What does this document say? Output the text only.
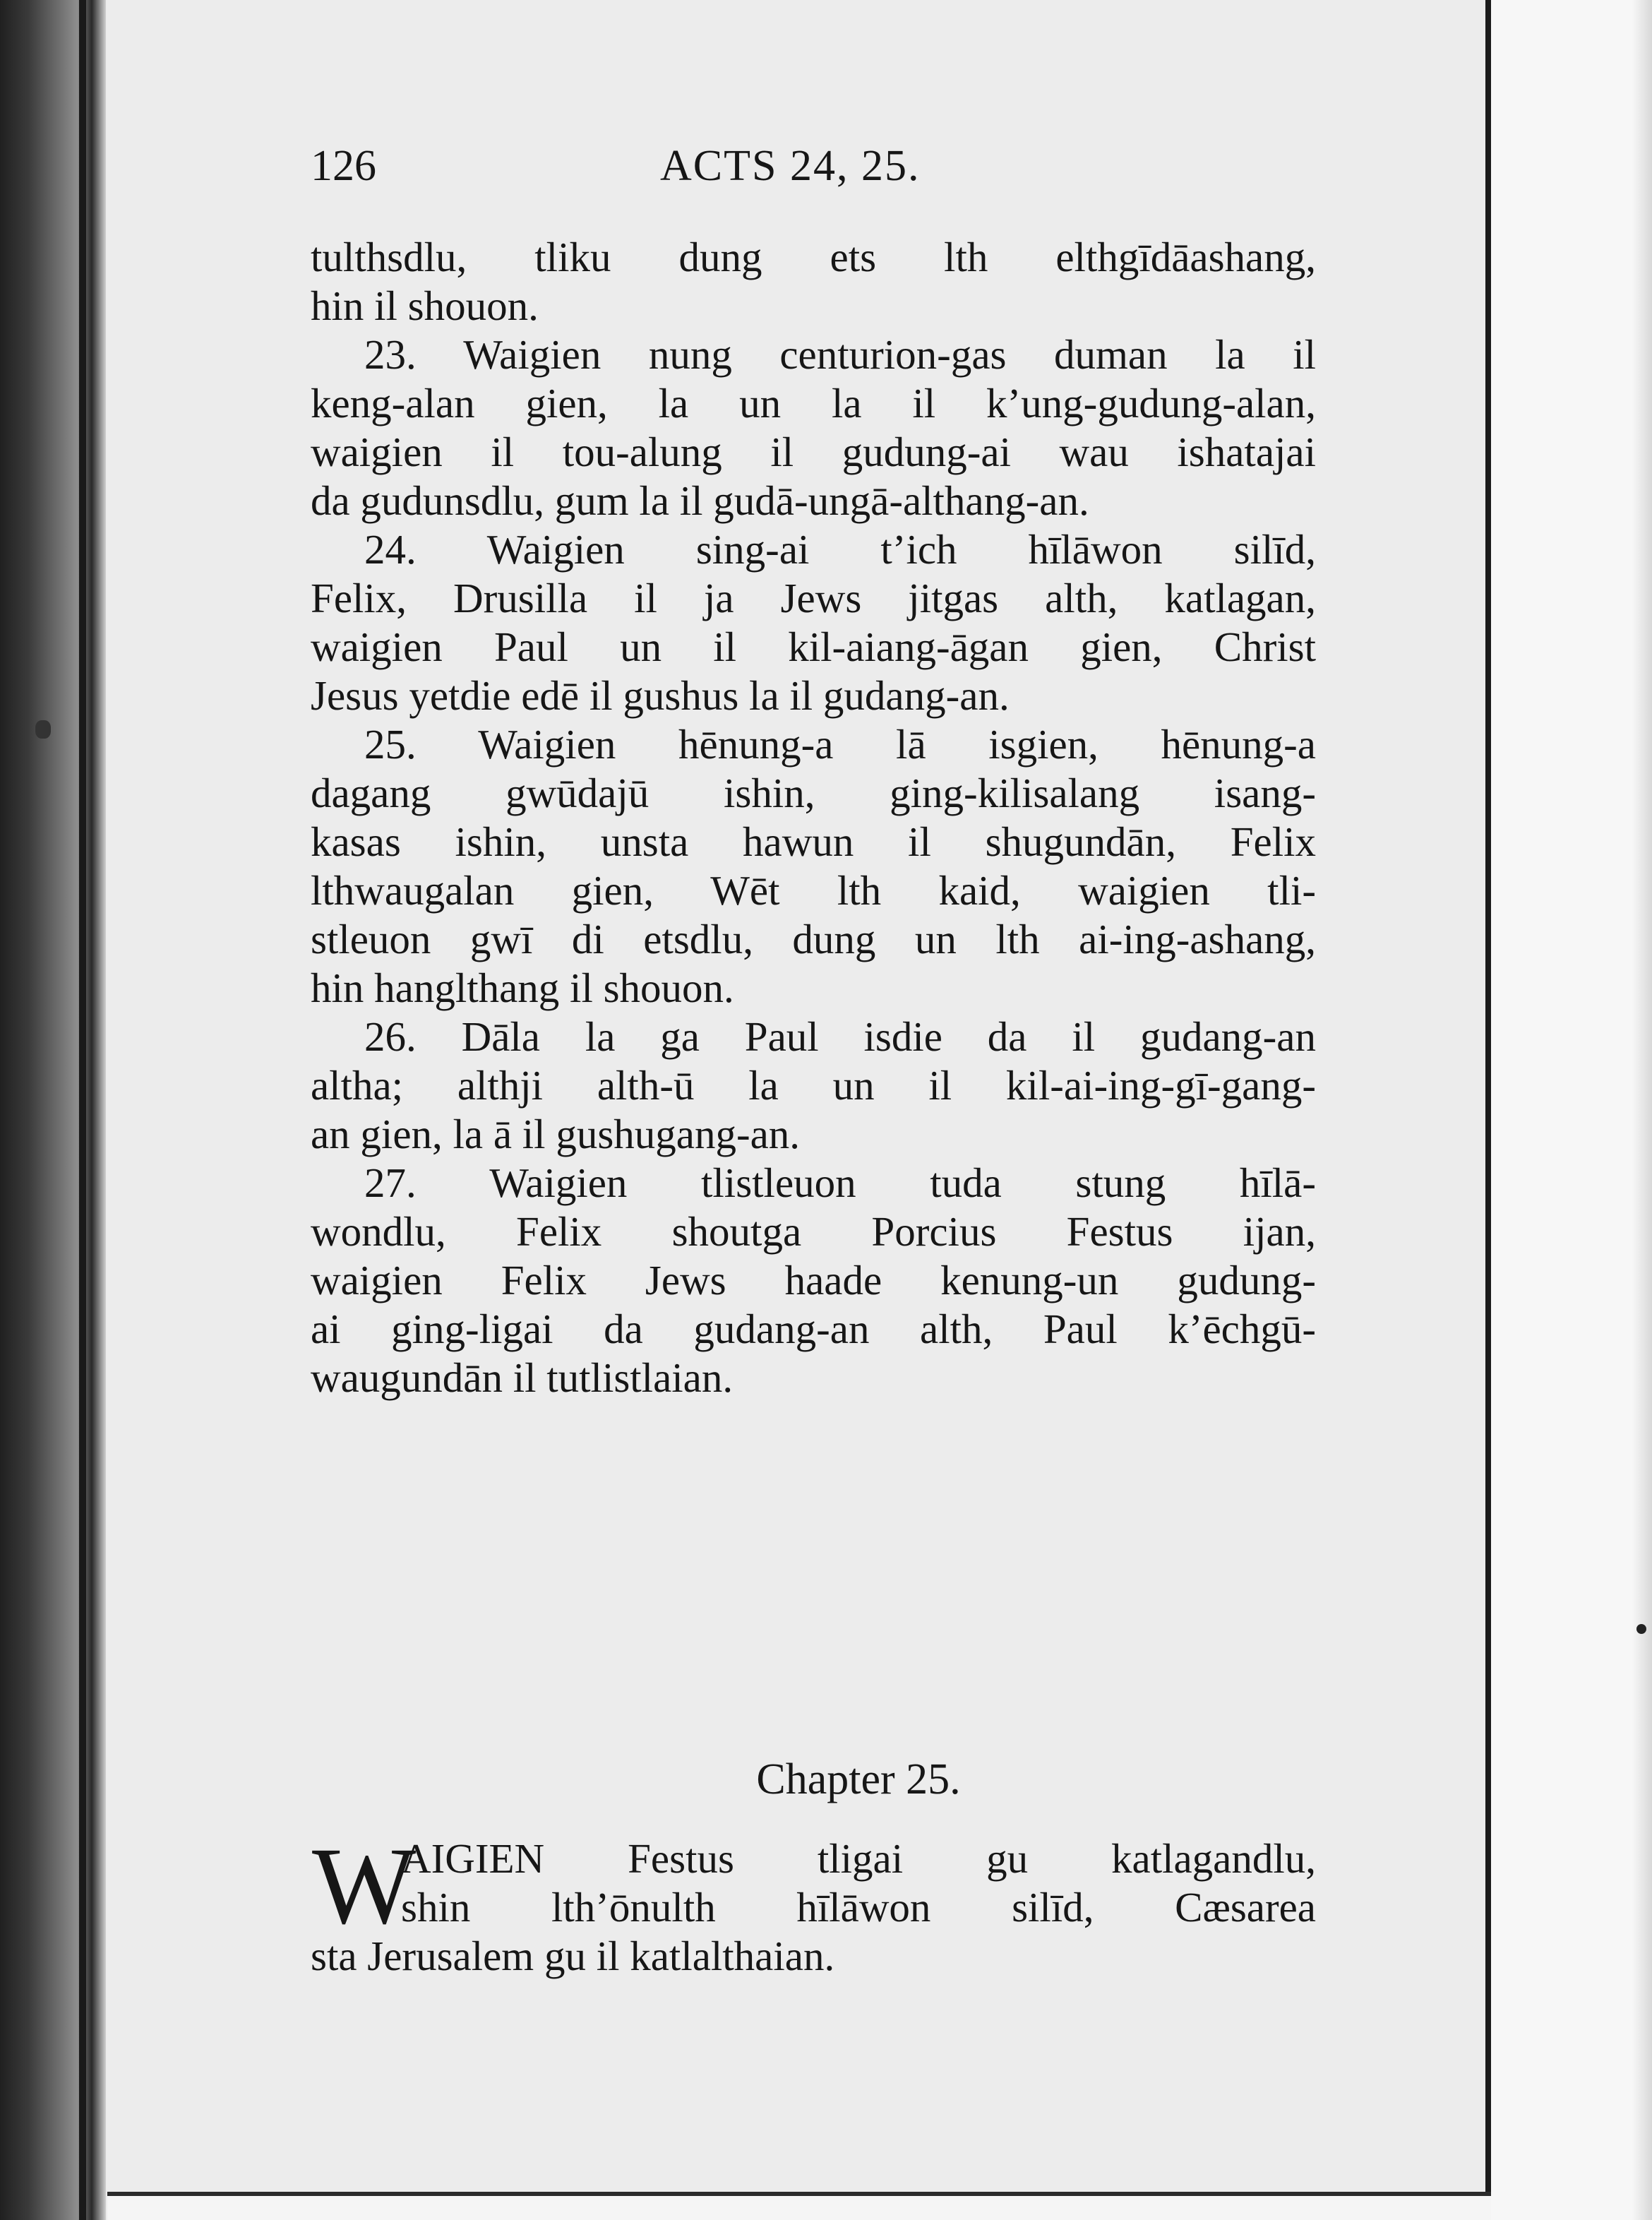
126	ACTS 24, 25.
tulthsdlu, tliku dung ets lth elthgīdāashang,
hin il shouon.
23. Waigien nung centurion-gas duman la il
keng-alan gien, la un la il k’ung-gudung-alan,
waigien il tou-alung il gudung-ai wau ishatajai
da gudunsdlu, gum la il gudā-ungā-althang-an.
24. Waigien sing-ai t’ich hīlāwon silīd,
Felix, Drusilla il ja Jews jitgas alth, katlagan,
waigien Paul un il kil-aiang-āgan gien, Christ
Jesus yetdie edē il gushus la il gudang-an.
25. Waigien hēnung-a lā isgien, hēnung-a
dagang gwūdajū ishin, ging-kilisalang isang-
kasas ishin, unsta hawun il shugundān, Felix
lthwaugalan gien, Wēt lth kaid, waigien tli-
stleuon gwī di etsdlu, dung un lth ai-ing-ashang,
hin hanglthang il shouon.
26. Dāla la ga Paul isdie da il gudang-an
altha; althji alth-ū la un il kil-ai-ing-gī-gang-
an gien, la ā il gushugang-an.
27. Waigien tlistleuon tuda stung hīlā-
wondlu, Felix shoutga Porcius Festus ijan,
waigien Felix Jews haade kenung-un gudung-
ai ging-ligai da gudang-an alth, Paul k’ēchgū-
waugundān il tutlistlaian.
Chapter 25.
W
AIGIEN Festus tligai gu katlagandlu,
shin lth’ōnulth hīlāwon silīd, Cæsarea
sta Jerusalem gu il katlalthaian.
